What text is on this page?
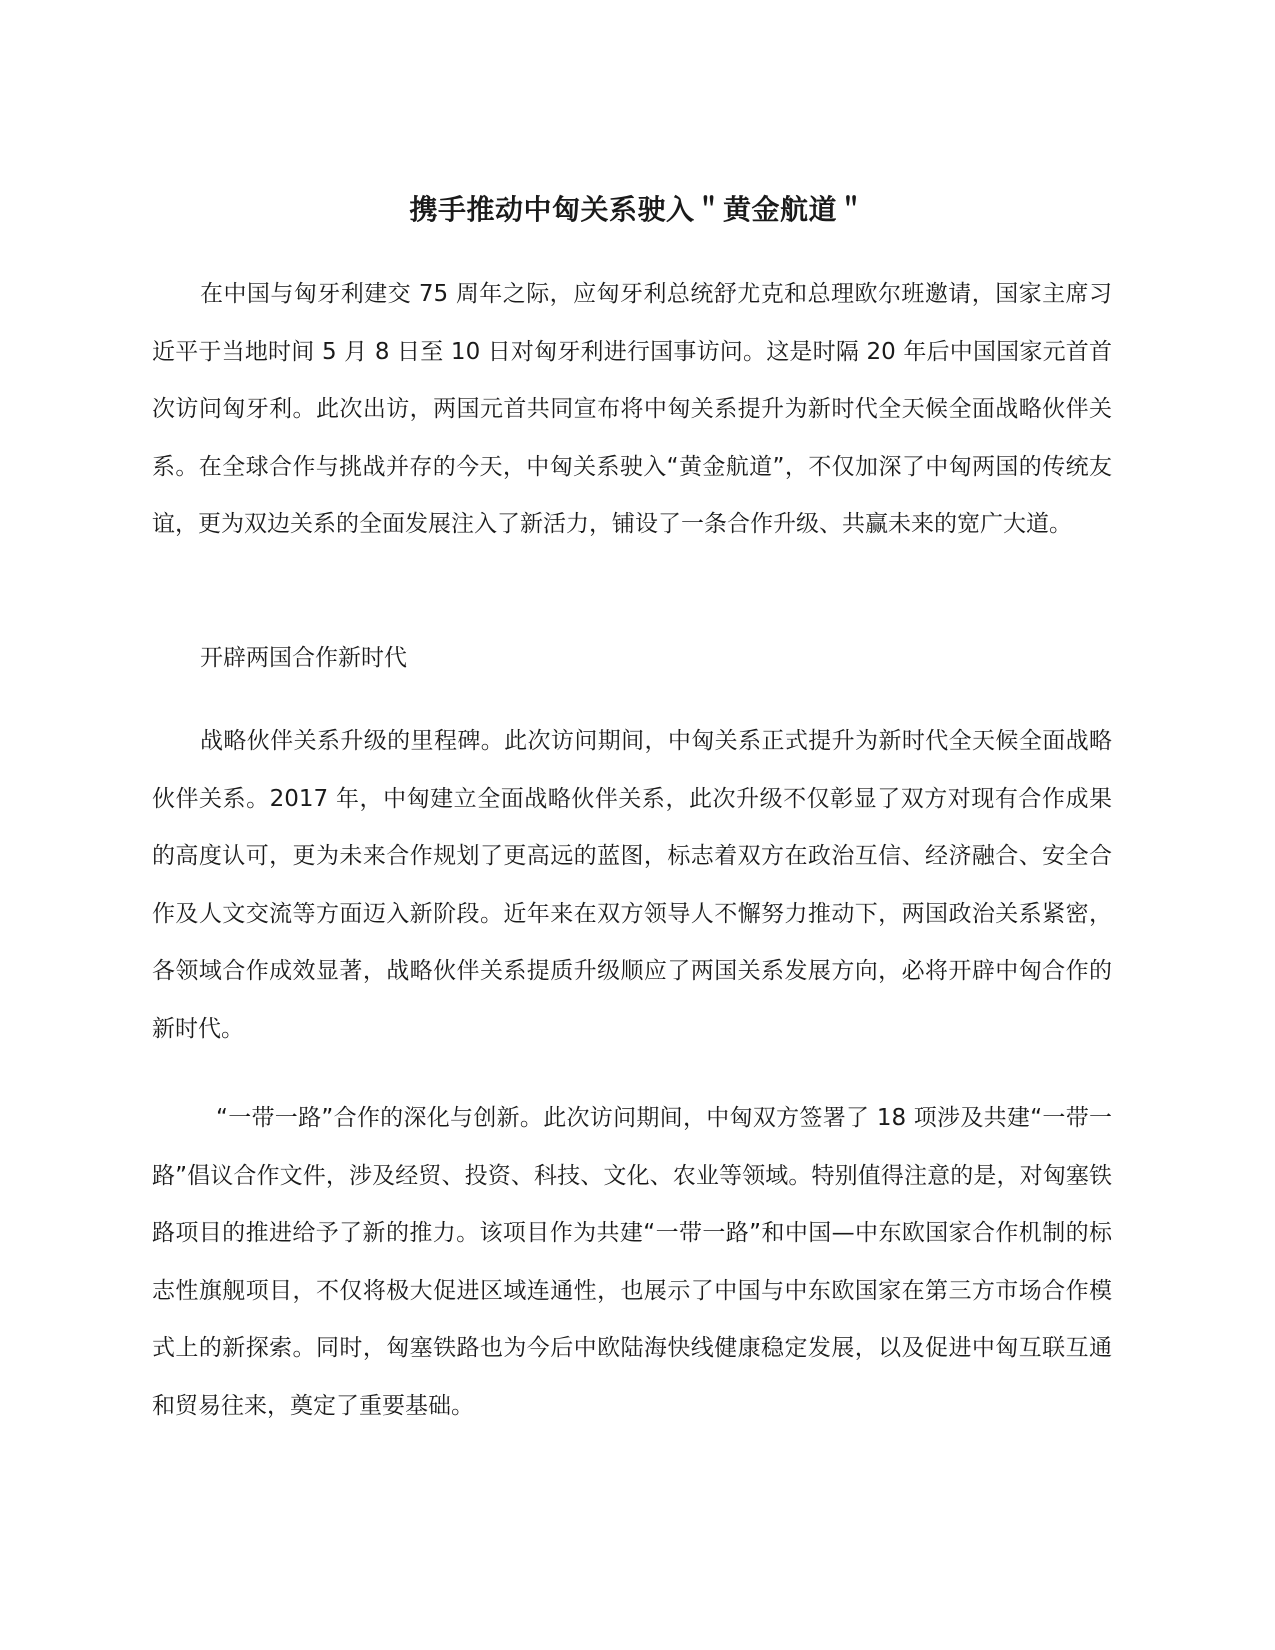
携手推动中匈关系驶入＂黄金航道＂

在中国与匈牙利建交 75 周年之际，应匈牙利总统舒尤克和总理欧尔班邀请，国家主席习近平于当地时间 5 月 8 日至 10 日对匈牙利进行国事访问。这是时隔 20 年后中国国家元首首次访问匈牙利。此次出访，两国元首共同宣布将中匈关系提升为新时代全天候全面战略伙伴关系。在全球合作与挑战并存的今天，中匈关系驶入“黄金航道”，不仅加深了中匈两国的传统友谊，更为双边关系的全面发展注入了新活力，铺设了一条合作升级、共赢未来的宽广大道。

开辟两国合作新时代

战略伙伴关系升级的里程碑。此次访问期间，中匈关系正式提升为新时代全天候全面战略伙伴关系。2017 年，中匈建立全面战略伙伴关系，此次升级不仅彰显了双方对现有合作成果的高度认可，更为未来合作规划了更高远的蓝图，标志着双方在政治互信、经济融合、安全合作及人文交流等方面迈入新阶段。近年来在双方领导人不懈努力推动下，两国政治关系紧密，各领域合作成效显著，战略伙伴关系提质升级顺应了两国关系发展方向，必将开辟中匈合作的新时代。

“一带一路”合作的深化与创新。此次访问期间，中匈双方签署了 18 项涉及共建“一带一路”倡议合作文件，涉及经贸、投资、科技、文化、农业等领域。特别值得注意的是，对匈塞铁路项目的推进给予了新的推力。该项目作为共建“一带一路”和中国—中东欧国家合作机制的标志性旗舰项目，不仅将极大促进区域连通性，也展示了中国与中东欧国家在第三方市场合作模式上的新探索。同时，匈塞铁路也为今后中欧陆海快线健康稳定发展，以及促进中匈互联互通和贸易往来，奠定了重要基础。
